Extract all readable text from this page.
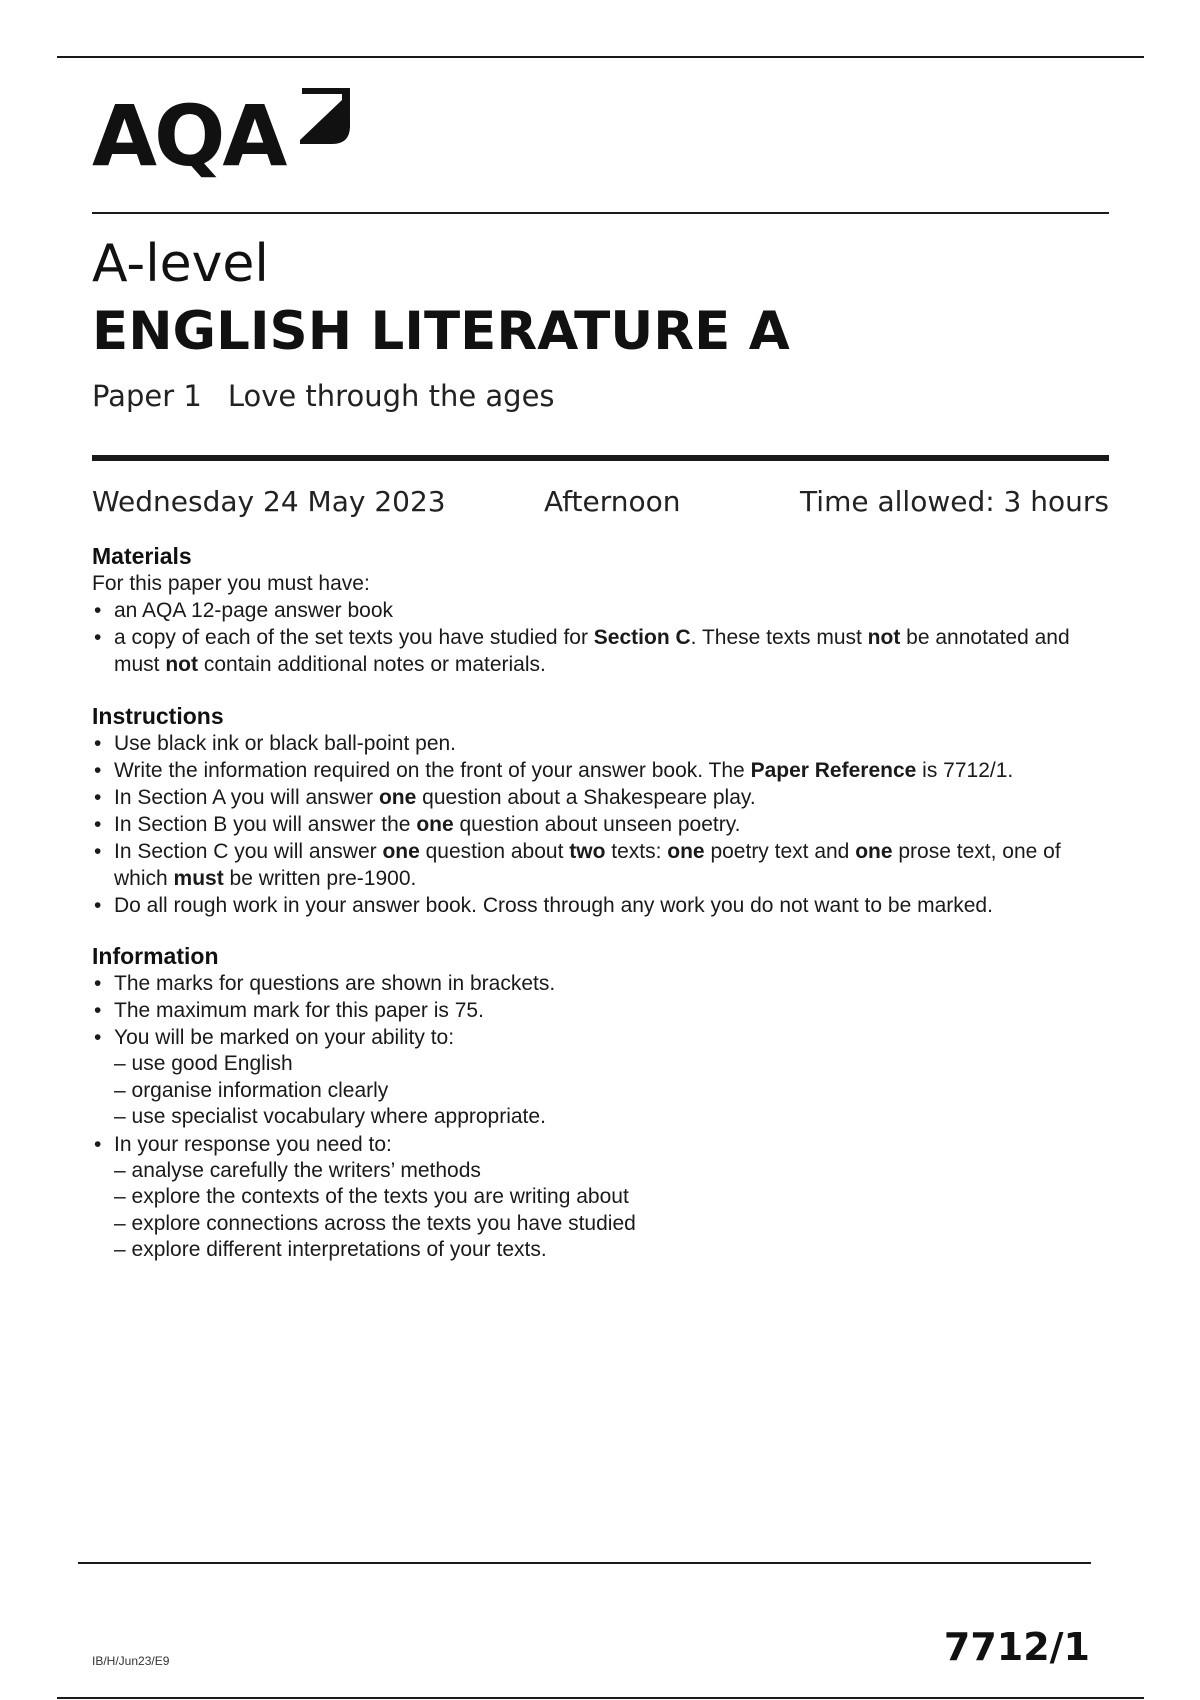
AQA
A-level
ENGLISH LITERATURE A
Paper 1 Love through the ages
Wednesday 24 May 2023	Afternoon	Time allowed: 3 hours
Materials

For this paper you must have:

• an AQA 12-page answer book
• a copy of each of the set texts you have studied for Section C. These texts must not be annotated and must not contain additional notes or materials.
Instructions
• Use black ink or black ball-point pen.
• Write the information required on the front of your answer book. The Paper Reference is 7712/1.
• In Section A you will answer one question about a Shakespeare play.
• In Section B you will answer the one question about unseen poetry.
• In Section C you will answer one question about two texts: one poetry text and one prose text, one of which must be written pre-1900.
• Do all rough work in your answer book. Cross through any work you do not want to be marked.
Information
• The marks for questions are shown in brackets.
• The maximum mark for this paper is 75.
• You will be marked on your ability to:
– use good English
– organise information clearly
– use specialist vocabulary where appropriate.
• In your response you need to:
– analyse carefully the writers’ methods
– explore the contexts of the texts you are writing about
– explore connections across the texts you have studied
– explore different interpretations of your texts.
IB/H/Jun23/E9	7712/1
